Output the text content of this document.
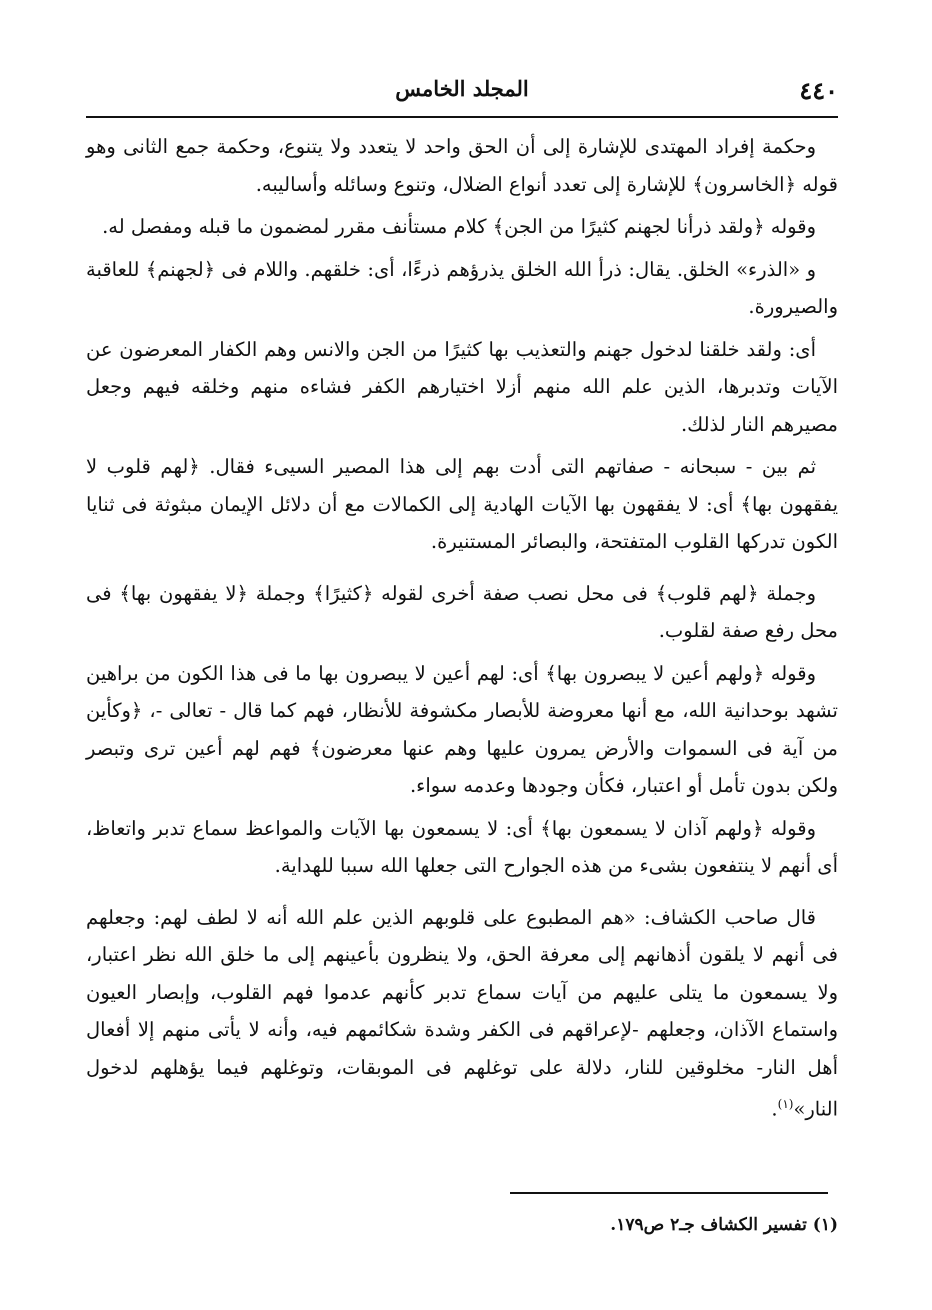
٤٤٠
المجلد الخامس

وحكمة إفراد المهتدى للإشارة إلى أن الحق واحد لا يتعدد ولا يتنوع، وحكمة جمع الثانى وهو قوله ﴿الخاسرون﴾ للإشارة إلى تعدد أنواع الضلال، وتنوع وسائله وأساليبه.

وقوله ﴿ولقد ذرأنا لجهنم كثيرًا من الجن﴾ كلام مستأنف مقرر لمضمون ما قبله ومفصل له.

و «الذرء» الخلق. يقال: ذرأ الله الخلق يذرؤهم ذرءًا، أى: خلقهم. واللام فى ﴿لجهنم﴾ للعاقبة والصيرورة.

أى: ولقد خلقنا لدخول جهنم والتعذيب بها كثيرًا من الجن والانس وهم الكفار المعرضون عن الآيات وتدبرها، الذين علم الله منهم أزلا اختيارهم الكفر فشاءه منهم وخلقه فيهم وجعل مصيرهم النار لذلك.

ثم بين - سبحانه - صفاتهم التى أدت بهم إلى هذا المصير السيىء فقال. ﴿لهم قلوب لا يفقهون بها﴾ أى: لا يفقهون بها الآيات الهادية إلى الكمالات مع أن دلائل الإيمان مبثوثة فى ثنايا الكون تدركها القلوب المتفتحة، والبصائر المستنيرة.

وجملة ﴿لهم قلوب﴾ فى محل نصب صفة أخرى لقوله ﴿كثيرًا﴾ وجملة ﴿لا يفقهون بها﴾ فى محل رفع صفة لقلوب.

وقوله ﴿ولهم أعين لا يبصرون بها﴾ أى: لهم أعين لا يبصرون بها ما فى هذا الكون من براهين تشهد بوحدانية الله، مع أنها معروضة للأبصار مكشوفة للأنظار، فهم كما قال - تعالى -، ﴿وكأين من آية فى السموات والأرض يمرون عليها وهم عنها معرضون﴾ فهم لهم أعين ترى وتبصر ولكن بدون تأمل أو اعتبار، فكأن وجودها وعدمه سواء.

وقوله ﴿ولهم آذان لا يسمعون بها﴾ أى: لا يسمعون بها الآيات والمواعظ سماع تدبر واتعاظ، أى أنهم لا ينتفعون بشىء من هذه الجوارح التى جعلها الله سببا للهداية.

قال صاحب الكشاف: «هم المطبوع على قلوبهم الذين علم الله أنه لا لطف لهم: وجعلهم فى أنهم لا يلقون أذهانهم إلى معرفة الحق، ولا ينظرون بأعينهم إلى ما خلق الله نظر اعتبار، ولا يسمعون ما يتلى عليهم من آيات سماع تدبر كأنهم عدموا فهم القلوب، وإبصار العيون واستماع الآذان، وجعلهم -لإعراقهم فى الكفر وشدة شكائمهم فيه، وأنه لا يأتى منهم إلا أفعال أهل النار- مخلوقين للنار، دلالة على توغلهم فى الموبقات، وتوغلهم فيما يؤهلهم لدخول النار»$^{(١)}$.

(١) تفسير الكشاف جـ٢ ص١٧٩.
